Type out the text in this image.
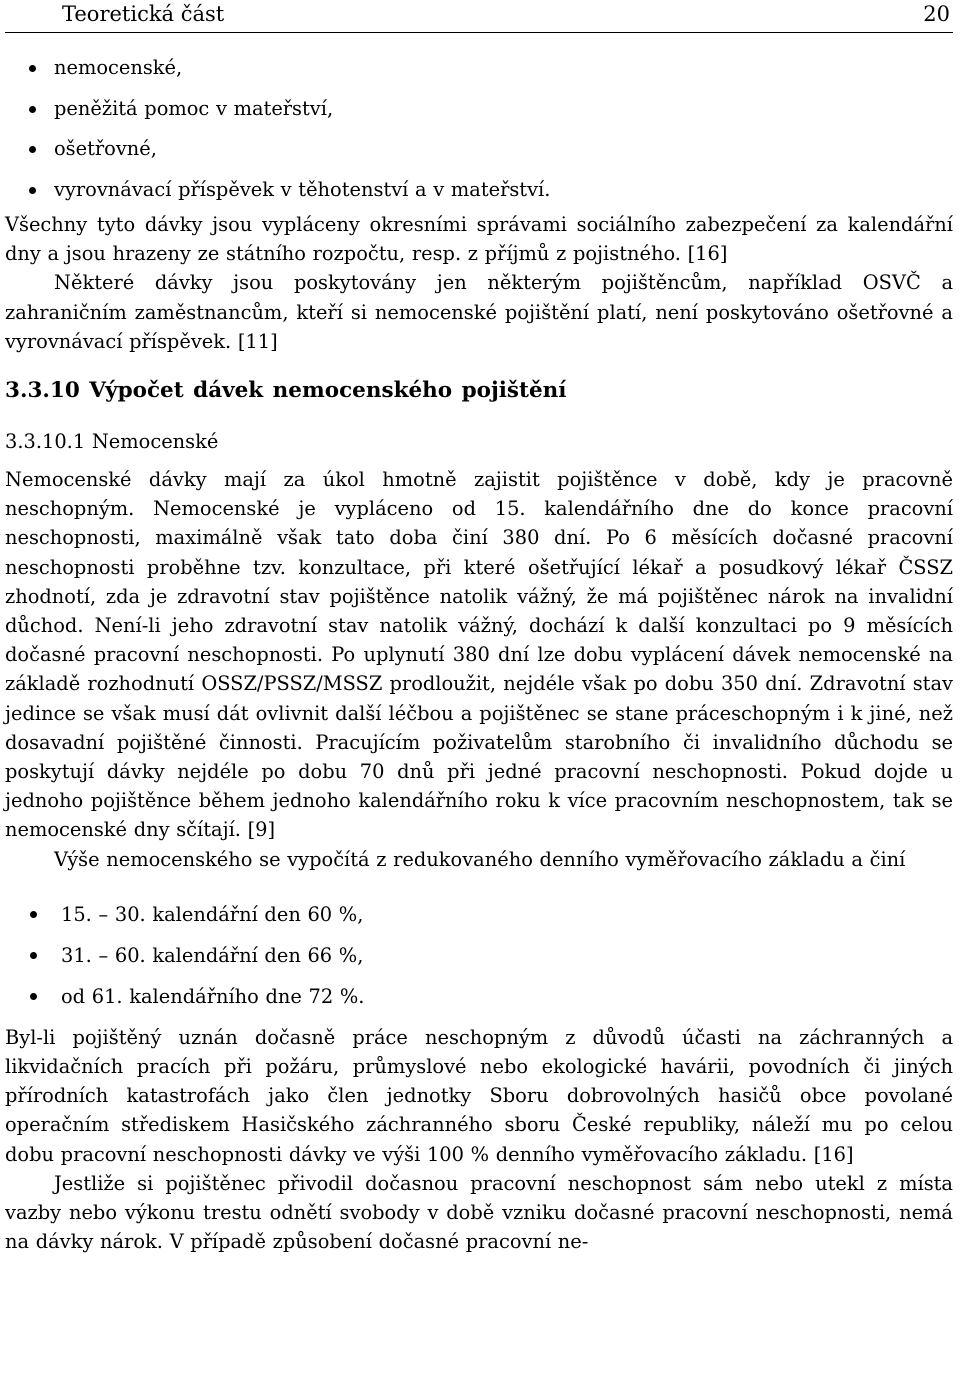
Teoretická část	20
nemocenské,
peněžitá pomoc v mateřství,
ošetřovné,
vyrovnávací příspěvek v těhotenství a v mateřství.

Všechny tyto dávky jsou vypláceny okresními správami sociálního zabezpečení za kalendářní dny a jsou hrazeny ze státního rozpočtu, resp. z příjmů z pojistného. [16]

Některé dávky jsou poskytovány jen některým pojištěncům, například OSVČ a zahraničním zaměstnancům, kteří si nemocenské pojištění platí, není poskytováno ošetřovné a vyrovnávací příspěvek. [11]

3.3.10 Výpočet dávek nemocenského pojištění
3.3.10.1 Nemocenské

Nemocenské dávky mají za úkol hmotně zajistit pojištěnce v době, kdy je pracovně neschopným. Nemocenské je vypláceno od 15. kalendářního dne do konce pracovní neschopnosti, maximálně však tato doba činí 380 dní. Po 6 měsících dočasné pracovní neschopnosti proběhne tzv. konzultace, při které ošetřující lékař a posudkový lékař ČSSZ zhodnotí, zda je zdravotní stav pojištěnce natolik vážný, že má pojištěnec nárok na invalidní důchod. Není-li jeho zdravotní stav natolik vážný, dochází k další konzultaci po 9 měsících dočasné pracovní neschopnosti. Po uplynutí 380 dní lze dobu vyplácení dávek nemocenské na základě rozhodnutí OSSZ/PSSZ/MSSZ prodloužit, nejdéle však po dobu 350 dní. Zdravotní stav jedince se však musí dát ovlivnit další léčbou a pojištěnec se stane práceschopným i k jiné, než dosavadní pojištěné činnosti. Pracujícím poživatelům starobního či invalidního důchodu se poskytují dávky nejdéle po dobu 70 dnů při jedné pracovní neschopnosti. Pokud dojde u jednoho pojištěnce během jednoho kalendářního roku k více pracovním neschopnostem, tak se nemocenské dny sčítají. [9]

Výše nemocenského se vypočítá z redukovaného denního vyměřovacího základu a činí

15. – 30. kalendářní den 60 %,
31. – 60. kalendářní den 66 %,
od 61. kalendářního dne 72 %.

Byl-li pojištěný uznán dočasně práce neschopným z důvodů účasti na záchranných a likvidačních pracích při požáru, průmyslové nebo ekologické havárii, povodních či jiných přírodních katastrofách jako člen jednotky Sboru dobrovolných hasičů obce povolané operačním střediskem Hasičského záchranného sboru České republiky, náleží mu po celou dobu pracovní neschopnosti dávky ve výši 100 % denního vyměřovacího základu. [16]

Jestliže si pojištěnec přivodil dočasnou pracovní neschopnost sám nebo utekl z místa vazby nebo výkonu trestu odnětí svobody v době vzniku dočasné pracovní neschopnosti, nemá na dávky nárok. V případě způsobení dočasné pracovní ne-
